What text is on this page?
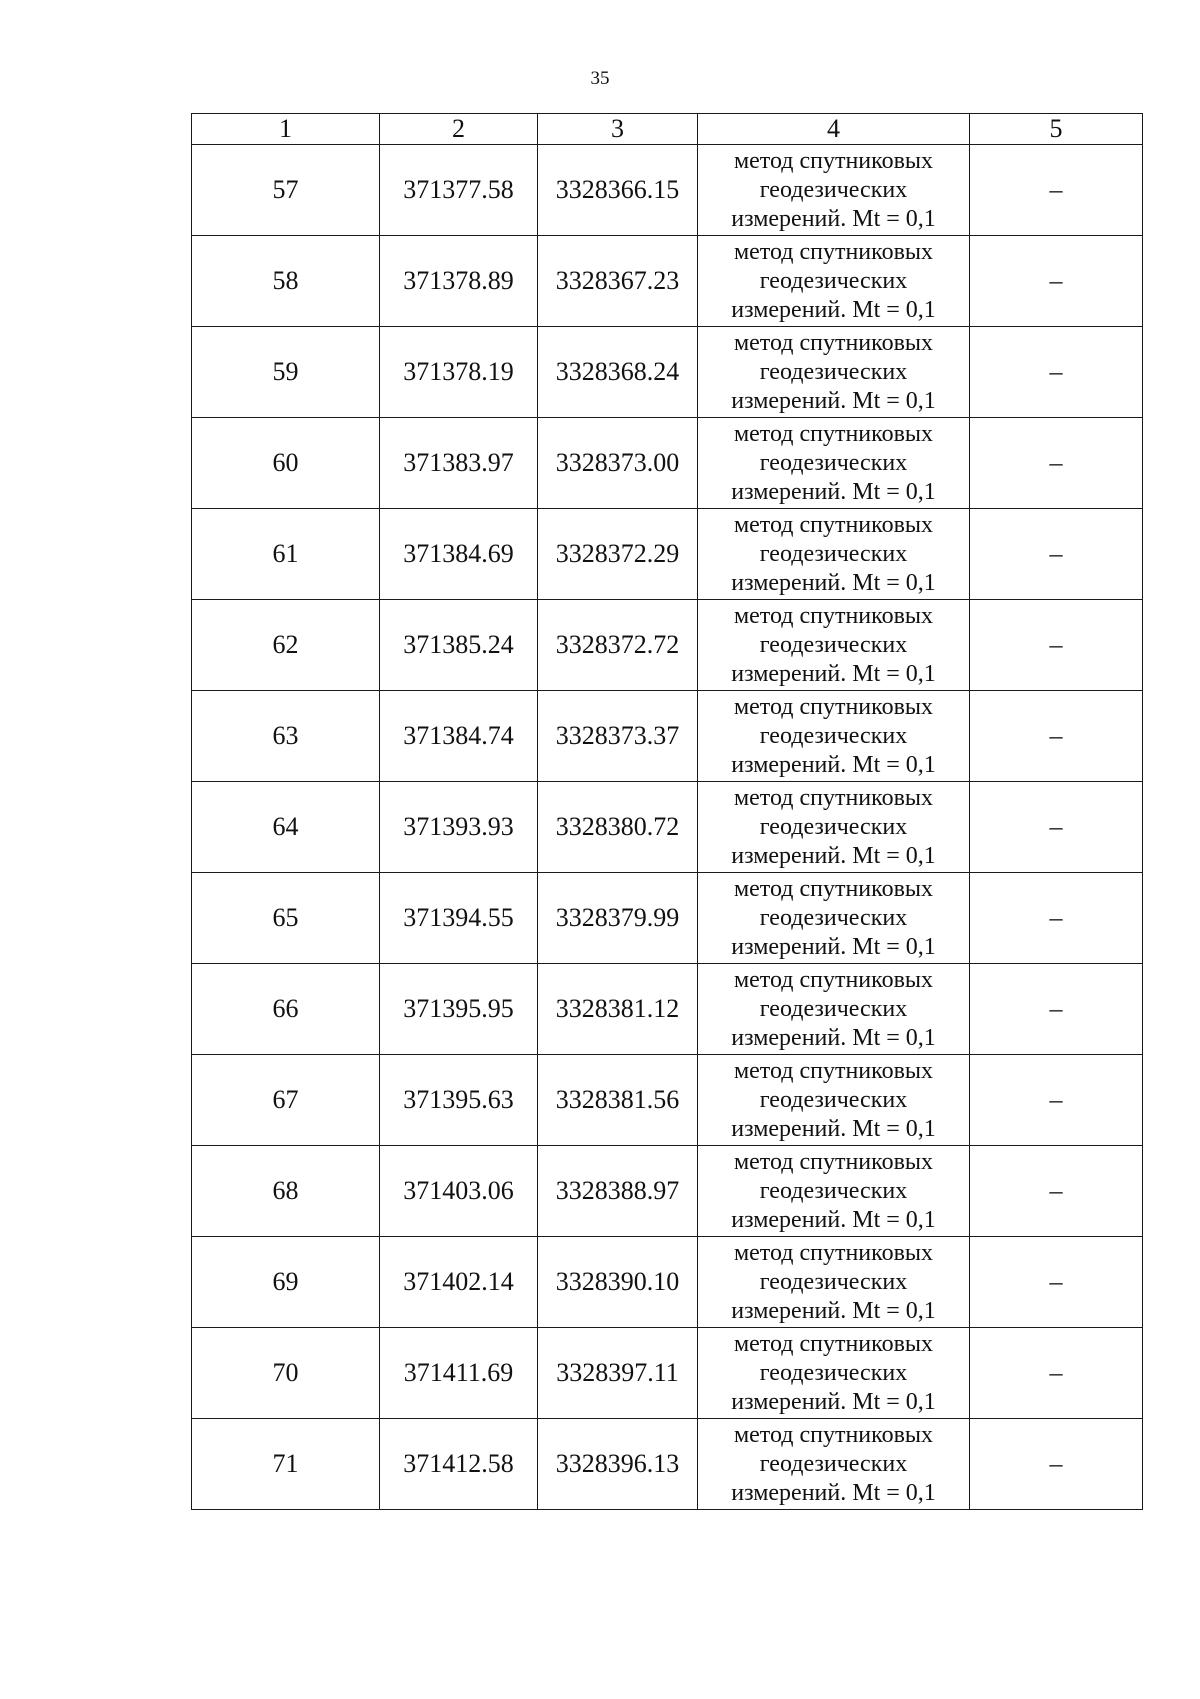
35
1	2	3	4	5
57	371377.58	3328366.15	метод спутниковых
геодезических
измерений. Mt = 0,1	–
58	371378.89	3328367.23	метод спутниковых
геодезических
измерений. Mt = 0,1	–
59	371378.19	3328368.24	метод спутниковых
геодезических
измерений. Mt = 0,1	–
60	371383.97	3328373.00	метод спутниковых
геодезических
измерений. Mt = 0,1	–
61	371384.69	3328372.29	метод спутниковых
геодезических
измерений. Mt = 0,1	–
62	371385.24	3328372.72	метод спутниковых
геодезических
измерений. Mt = 0,1	–
63	371384.74	3328373.37	метод спутниковых
геодезических
измерений. Mt = 0,1	–
64	371393.93	3328380.72	метод спутниковых
геодезических
измерений. Mt = 0,1	–
65	371394.55	3328379.99	метод спутниковых
геодезических
измерений. Mt = 0,1	–
66	371395.95	3328381.12	метод спутниковых
геодезических
измерений. Mt = 0,1	–
67	371395.63	3328381.56	метод спутниковых
геодезических
измерений. Mt = 0,1	–
68	371403.06	3328388.97	метод спутниковых
геодезических
измерений. Mt = 0,1	–
69	371402.14	3328390.10	метод спутниковых
геодезических
измерений. Mt = 0,1	–
70	371411.69	3328397.11	метод спутниковых
геодезических
измерений. Mt = 0,1	–
71	371412.58	3328396.13	метод спутниковых
геодезических
измерений. Mt = 0,1	–
